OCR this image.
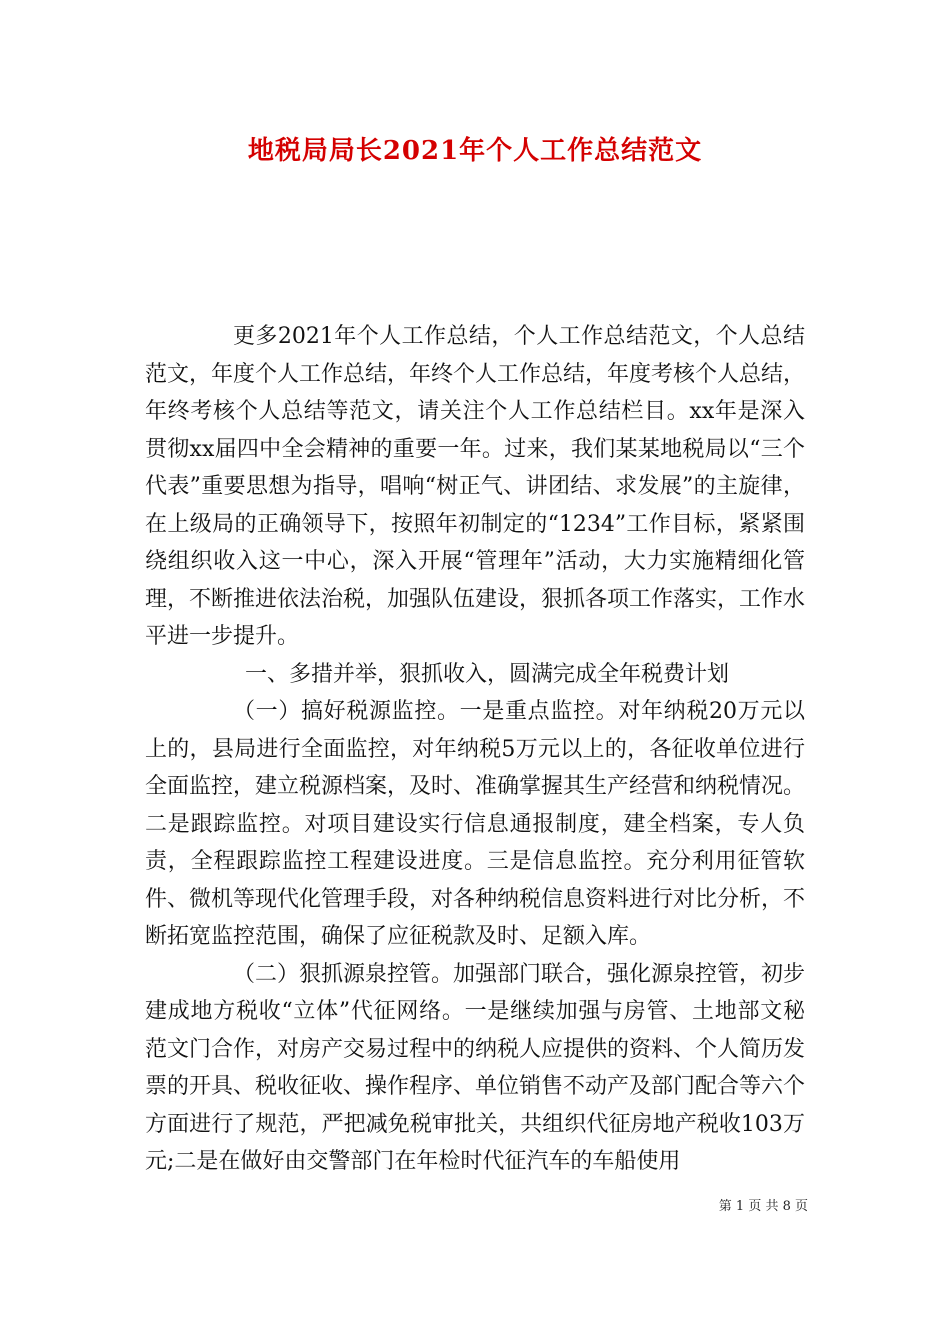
地税局局长2021年个人工作总结范文

更多2021年个人工作总结，个人工作总结范文，个人总结范文，年度个人工作总结，年终个人工作总结，年度考核个人总结，年终考核个人总结等范文，请关注个人工作总结栏目。xx年是深入贯彻xx届四中全会精神的重要一年。过来，我们某某地税局以“三个代表”重要思想为指导，唱响“树正气、讲团结、求发展”的主旋律，在上级局的正确领导下，按照年初制定的“1234”工作目标，紧紧围绕组织收入这一中心，深入开展“管理年”活动，大力实施精细化管理，不断推进依法治税，加强队伍建设，狠抓各项工作落实，工作水平进一步提升。

一、多措并举，狠抓收入，圆满完成全年税费计划

（一）搞好税源监控。一是重点监控。对年纳税20万元以上的，县局进行全面监控，对年纳税5万元以上的，各征收单位进行全面监控，建立税源档案，及时、准确掌握其生产经营和纳税情况。二是跟踪监控。对项目建设实行信息通报制度，建全档案，专人负责，全程跟踪监控工程建设进度。三是信息监控。充分利用征管软件、微机等现代化管理手段，对各种纳税信息资料进行对比分析，不断拓宽监控范围，确保了应征税款及时、足额入库。

（二）狠抓源泉控管。加强部门联合，强化源泉控管，初步建成地方税收“立体”代征网络。一是继续加强与房管、土地部文秘范文门合作，对房产交易过程中的纳税人应提供的资料、个人简历发票的开具、税收征收、操作程序、单位销售不动产及部门配合等六个方面进行了规范，严把减免税审批关，共组织代征房地产税收103万元;二是在做好由交警部门在年检时代征汽车的车船使用

第 1 页 共 8 页
